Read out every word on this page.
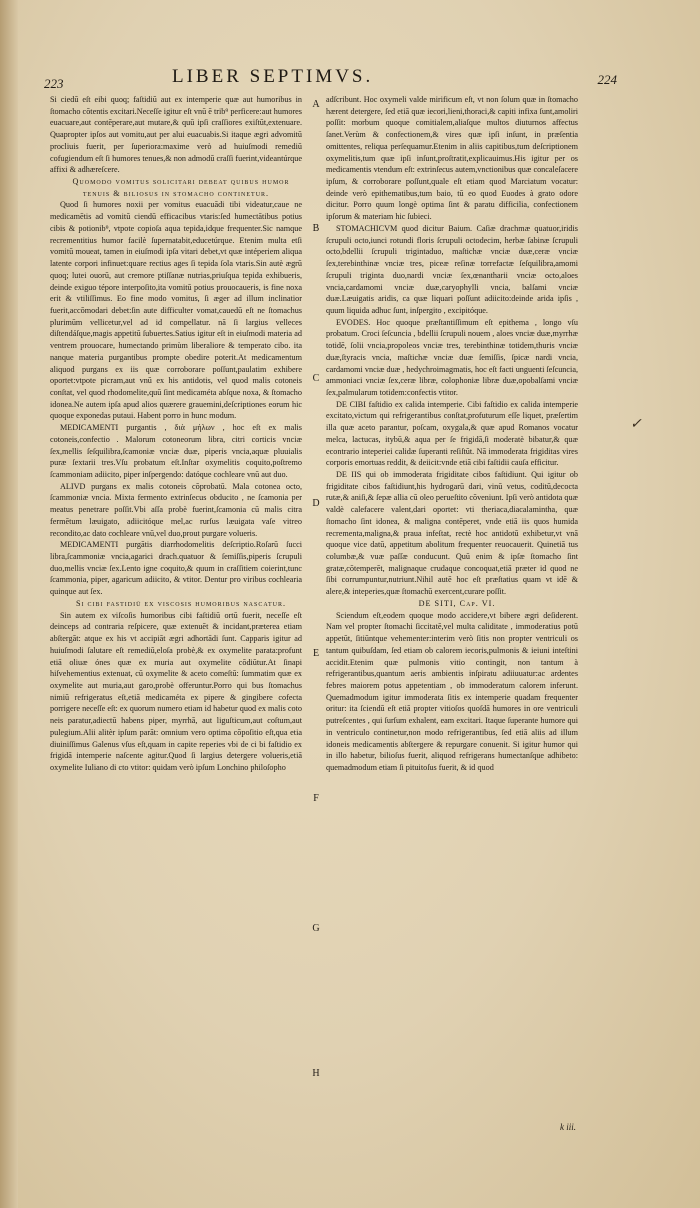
223	LIBER SEPTIMVS.	224

Si ciedū eſt eibi quoq; faſtidiū aut ex intemperie quæ aut humoribus in ſtomacho cōtentis excitari.Neceſſe igitur eſt vnū ē trib⁹ perficere:aut humores euacuare,aut contēperare,aut mutare,& quū ipſi craſſiores exiſtūt,extenuare. Quapropter ipſos aut vomitu,aut per alui euacuabis.Si itaque ægri advomitū procliuis fuerit, per ſuperiora:maxime verò ad huiuſmodi remediū cofugiendum eſt ſi humores tenues,& non admodū craſſi fuerint,videantúrque affixi & adhæreſcere.

Quomodo vomitus ſolicitari debeat quibus humor tenuis & bilioſus in ſtomacho continetur.

Quod ſi humores noxii per vomitus euacuādi tibi videatur,caue ne medicamētis ad vomitū ciendū efficacibus vtaris:ſed humectātibus potius cibis & potionib⁹, vtpote copioſa aqua tepida,idque frequenter.Sic namque recrementitius humor facilè ſupernatabit,educetúrque. Etenim multa etſi vomitū moueat, tamen in eiuſmodi ipſa vitari debet,vt quæ intéperiem aliqua latente corpori infinuet:quare rectius ages ſi tepida ſola vtaris.Sin autè ægrū quoq; lutei ouorū, aut cremore ptiſſanæ nutrias,priuſqua tepida exhibueris, deinde exiguo tépore interpoſito,ita vomitū potius prouocaueris, is fine noxa erit & vtiliſſimus. Eo fine modo vomitus, ſi æger ad illum inclinatior fuerit,accōmodari debet:ſin aute difficulter vomat,cauedū eſt ne ſtomachus plurimūm vellicetur,vel ad id compellatur. nā ſi largius velleces diſtendáſque,magis appetitū ſubuertes.Satius igitur eſt in eiuſmodi materia ad ventrem prouocare, humectando primùm liberaliore & temperato cibo. ita nanque materia purgantibus prompte obedire poterit.At medicamentum aliquod purgans ex iis quæ corroborare poſſunt,paulatim exhibere oportet:vtpote picram,aut vnū ex his antidotis, vel quod malis cotoneis conſtat, vel quod rhodomelite,quū ſint medicaméta abſque noxa, & ſtomacho idonea.Ne autem ipſa apud alios quærere grauemini,deſcriptiones eorum hic quoque exponedas putaui. Habent porro in hunc modum.

MEDICAMENTI purgantis , διὰ μήλων , hoc eſt ex malis cotoneis,confectio . Malorum cotoneorum libra, citri corticis vnciæ ſex,mellis ſeſquilibra,ſcamoniæ vnciæ duæ, piperis vncia,aquæ pluuialis puræ ſextarii tres.Vſu probatum eſt.Inſtar oxymelitis coquito,poſtremo ſcammoniam adiicito, piper inſpergendo: datóque cochleare vnū aut duo.

ALIVD purgans ex malis cotoneis cōprobatū. Mala cotonea octo, ſcammoniæ vncia. Mixta fermento extrinſecus obducito , ne ſcamonia per meatus penetrare poſſit.Vbi aſſa probè fuerint,ſcamonia cū malis citra fermētum læuigato, adiicitóque mel,ac rurſus læuigata vaſe vitreo recondito,ac dato cochleare vnū,vel duo,prout purgare volueris.

MEDICAMENTI purgātis diarrhodomelitis deſcriptio.Roſarū ſucci libra,ſcammoniæ vncia,agarici drach.quatuor & ſemiſſis,piperis ſcrupuli duo,mellis vnciæ ſex.Lento igne coquito,& quum in craſſitiem coierint,tunc ſcammonia, piper, agaricum adiicito, & vtitor. Dentur pro viribus cochlearia quinque aut ſex.

Si cibi faſtidiū ex viſcoſis humoribus naſcatur.

Sin autem ex viſcoſis humoribus cibi faſtidiū ortū fuerit, neceſſe eſt deinceps ad contraria reſpicere, quæ extenuēt & incidant,præterea etiam abſtergāt: atque ex his vt accipiāt ægri adhortādi ſunt. Capparis igitur ad huiuſmodi ſalutare eſt remediū,eloſa probè,& ex oxymelite parata:profunt etiā oliuæ ónes quæ ex muria aut oxymelite cōdiūtur.At ſinapi hiſvehementius extenuat, cū oxymelite & aceto comeſtū: ſummatim quæ ex oxymelite aut muria,aut garo,probè offeruntur.Porro qui bus ſtomachus nimiū refrigeratus eſt,etiā medicaméta ex pipere & gingibere cofecta porrigere neceſſe eſt: ex quorum numero etiam id habetur quod ex malis coto neis paratur,adiectū habens piper, myrrhā, aut liguſticum,aut coſtum,aut pulegium.Alii alitèr ipſum parāt: omnium vero optima cōpoſitio eſt,qua etia diuiniſſimus Galenus vſus eſt,quam in capite reperies vbi de ci bi faſtidio ex frigidā intemperie naſcente agitur.Quod ſi largius detergere volueris,etiā oxymelite Iuliano di cto vtitor: quidam verò ipſum Lonchino philoſopho

A
B
C
D
E
F
G
H

adſcribunt. Hoc oxymeli valde mirificum eſt, vt non ſolum quæ in ſtomacho hærent detergere, ſed etiā quæ iecori,lieni,thoraci,& capiti infixa ſunt,amoliri poſſit: morbum quoque comitialem,aliaſque multos diuturnos affectus ſanet.Verùm & confectionem,& vires quæ ipſi inſunt, in præſentia omittentes, reliqua perſequamur.Etenim in aliis capitibus,tum deſcriptionem oxymelitis,tum quæ ipſi inſunt,proſtratit,explicauimus.His igitur per os medicamentis vtendum eſt: extrinſecus autem,vnctionibus quæ concaleſacere ipſum, & corroborare poſſunt,quale eſt etiam quod Marciatum vocatur: deinde verò epithematibus,tum baio, tū eo quod Euodes à grato odore dicitur. Porro quum longè optima ſint & paratu difficilia, confectionem ipſorum & materiam hic ſubieci.

STOMACHICVM quod dicitur Baium. Caſiæ drachmæ quatuor,iridis ſcrupuli octo,iunci rotundi floris ſcrupuli octodecim, herbæ ſabinæ ſcrupuli octo,bdellii ſcrupuli trigintaduo, maſtichæ vnciæ duæ,ceræ vnciæ ſex,terebinthinæ vnciæ tres, piceæ reſinæ torrefactæ ſeſquilibra,amomi ſcrupuli triginta duo,nardi vnciæ ſex,œnantharii vnciæ octo,aloes vncia,cardamomi vnciæ duæ,caryophylli vncia, balſami vnciæ duæ.Læuigatis aridis, ca quæ liquari poſſunt adiicito:deinde arida ipſis , quum liquida adhuc ſunt, inſpergito , excipitóque.

EVODES. Hoc quoque præſtantiſſimum eſt epithema , longo vſu probatum. Croci ſeſcuncia , bdellii ſcrupuli nouem , aloes vnciæ duæ,myrrhæ totidē, ſolii vncia,propoleos vnciæ tres, terebinthinæ totidem,thuris vnciæ duæ,ſtyracis vncia, maſtichæ vnciæ duæ ſemiſſis, ſpicæ nardi vncia, cardamomi vnciæ duæ , hedychroimagmatis, hoc eſt facti unguenti ſeſcuncia, ammoniaci vnciæ ſex,ceræ libræ, colophoniæ libræ duæ,opobalſami vnciæ ſex,palmularum totidem:confectis vtitor.

DE CIBI faſtidio ex calida intemperie. Cibi faſtidio ex calida intemperie excitato,victum qui refrigerantibus conſtat,profuturum eſſe liquet, præſertim illa quæ aceto parantur, poſcam, oxygala,& quæ apud Romanos vocatur melca, lactucas, itybū,& aqua per ſe frigidā,ſi moderatè bibatur,& quæ econtrario inteperiei calidæ ſuperanti reſiſtūt. Nā immoderata frigiditas vires corporis emortuas reddit, & deiicit:vnde etiā cibi faſtidii cauſa efficitur.

DE IIS qui ob immoderata frigiditate cibos faſtidiunt. Qui igitur ob frigiditate cibos faſtidiunt,his hydrogarū dari, vinū vetus, coditū,decocta rutæ,& aniſi,& ſepæ allia cū oleo perueſtito cōveniunt. Ipſi verò antidota quæ valdè calefacere valent,dari oportet: vti theriaca,diacalamintha, quæ ſtomacho ſint idonea, & maligna contēperet, vnde etiā iis quos humida recrementa,maligna,& praua infeſtat, rectè hoc antidotū exhibetur,vt vnā quoque vice datū, appetitum abolitum frequenter reuocauerit. Quinetiā tus columbæ,& vuæ paſſæ conducunt. Quū enim & ipſæ ſtomacho ſint gratæ,cōtemperēt, malignaque crudaque concoquat,etiā præter id quod ne ſibi corrumpuntur,nutriunt.Nihil autē hoc eſt præſtatius quam vt idē & alere,& inteperies,quæ ſtomachū exercent,curare poſſit.

DE SITI, Cap. VI.

Sciendum eſt,eodem quoque modo accidere,vt bibere ægri deſiderent. Nam vel propter ſtomachi ſiccitatē,vel multa caliditate , immoderatius potū appetūt, ſitiūntque vehementer:interim verò ſitis non propter ventriculi os tantum quibuſdam, ſed etiam ob calorem iecoris,pulmonis & ieiuni inteſtini accidit.Etenim quæ pulmonis vitio contingit, non tantum à refrigerantibus,quantum aeris ambientis inſpiratu adiiuuatur:ac ardentes febres maiorem potus appetentiam , ob immoderatum calorem inferunt. Quemadmodum igitur immoderata ſitis ex intemperie quadam frequenter oritur: ita ſciendū eſt etiā propter vitioſos quoſdā humores in ore ventriculi putreſcentes , qui ſurſum exhalent, eam excitari. Itaque ſuperante humore qui in ventriculo continetur,non modo refrigerantibus, ſed etiā aliis ad illum idoneis medicamentis abſtergere & repurgare conuenit. Si igitur humor qui in illo habetur, bilioſus fuerit, aliquod refrigerans humectanſque adhibeto: quemadmodum etiam ſi pituitoſus fuerit, & id quod

✓
k iii.
